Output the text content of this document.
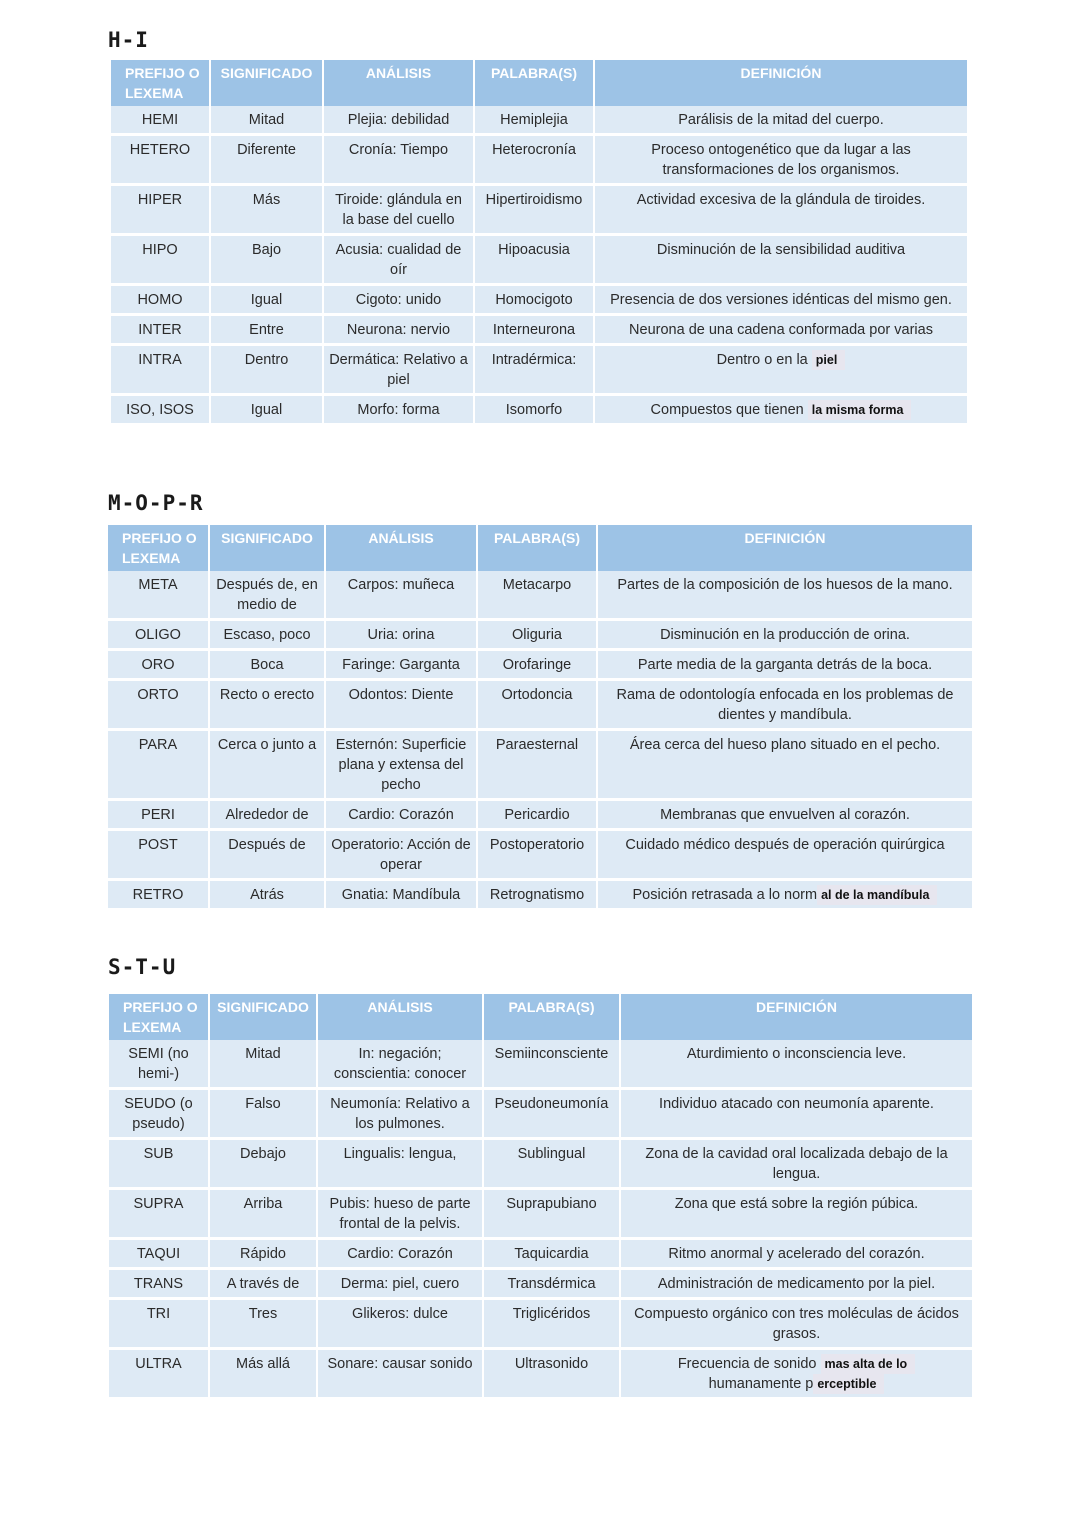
H-I
PREFIJO O LEXEMA	SIGNIFICADO	ANÁLISIS	PALABRA(S)	DEFINICIÓN
HEMI	Mitad	Plejia: debilidad	Hemiplejia	Parálisis de la mitad del cuerpo.
HETERO	Diferente	Cronía: Tiempo	Heterocronía	Proceso ontogenético que da lugar a las transformaciones de los organismos.
HIPER	Más	Tiroide: glándula en la base del cuello	Hipertiroidismo	Actividad excesiva de la glándula de tiroides.
HIPO	Bajo	Acusia: cualidad de oír	Hipoacusia	Disminución de la sensibilidad auditiva
HOMO	Igual	Cigoto: unido	Homocigoto	Presencia de dos versiones idénticas del mismo gen.
INTER	Entre	Neurona: nervio	Interneurona	Neurona de una cadena conformada por varias
INTRA	Dentro	Dermática: Relativo a piel	Intradérmica:	Dentro o en la piel
ISO, ISOS	Igual	Morfo: forma	Isomorfo	Compuestos que tienen la misma forma
M-O-P-R
PREFIJO O LEXEMA	SIGNIFICADO	ANÁLISIS	PALABRA(S)	DEFINICIÓN
META	Después de, en medio de	Carpos: muñeca	Metacarpo	Partes de la composición de los huesos de la mano.
OLIGO	Escaso, poco	Uria: orina	Oliguria	Disminución en la producción de orina.
ORO	Boca	Faringe: Garganta	Orofaringe	Parte media de la garganta detrás de la boca.
ORTO	Recto o erecto	Odontos: Diente	Ortodoncia	Rama de odontología enfocada en los problemas de dientes y mandíbula.
PARA	Cerca o junto a	Esternón: Superficie plana y extensa del pecho	Paraesternal	Área cerca del hueso plano situado en el pecho.
PERI	Alrededor de	Cardio: Corazón	Pericardio	Membranas que envuelven al corazón.
POST	Después de	Operatorio: Acción de operar	Postoperatorio	Cuidado médico después de operación quirúrgica
RETRO	Atrás	Gnatia: Mandíbula	Retrognatismo	Posición retrasada a lo norm al de la mandíbula
S-T-U
PREFIJO O LEXEMA	SIGNIFICADO	ANÁLISIS	PALABRA(S)	DEFINICIÓN
SEMI (no hemi-)	Mitad	In: negación; conscientia: conocer	Semiinconsciente	Aturdimiento o inconsciencia leve.
SEUDO (o pseudo)	Falso	Neumonía: Relativo a los pulmones.	Pseudoneumonía	Individuo atacado con neumonía aparente.
SUB	Debajo	Lingualis: lengua,	Sublingual	Zona de la cavidad oral localizada debajo de la lengua.
SUPRA	Arriba	Pubis: hueso de parte frontal de la pelvis.	Suprapubiano	Zona que está sobre la región púbica.
TAQUI	Rápido	Cardio: Corazón	Taquicardia	Ritmo anormal y acelerado del corazón.
TRANS	A través de	Derma: piel, cuero	Transdérmica	Administración de medicamento por la piel.
TRI	Tres	Glikeros: dulce	Triglicéridos	Compuesto orgánico con tres moléculas de ácidos grasos.
ULTRA	Más allá	Sonare: causar sonido	Ultrasonido	Frecuencia de sonido mas alta de lo
humanamente p erceptible
